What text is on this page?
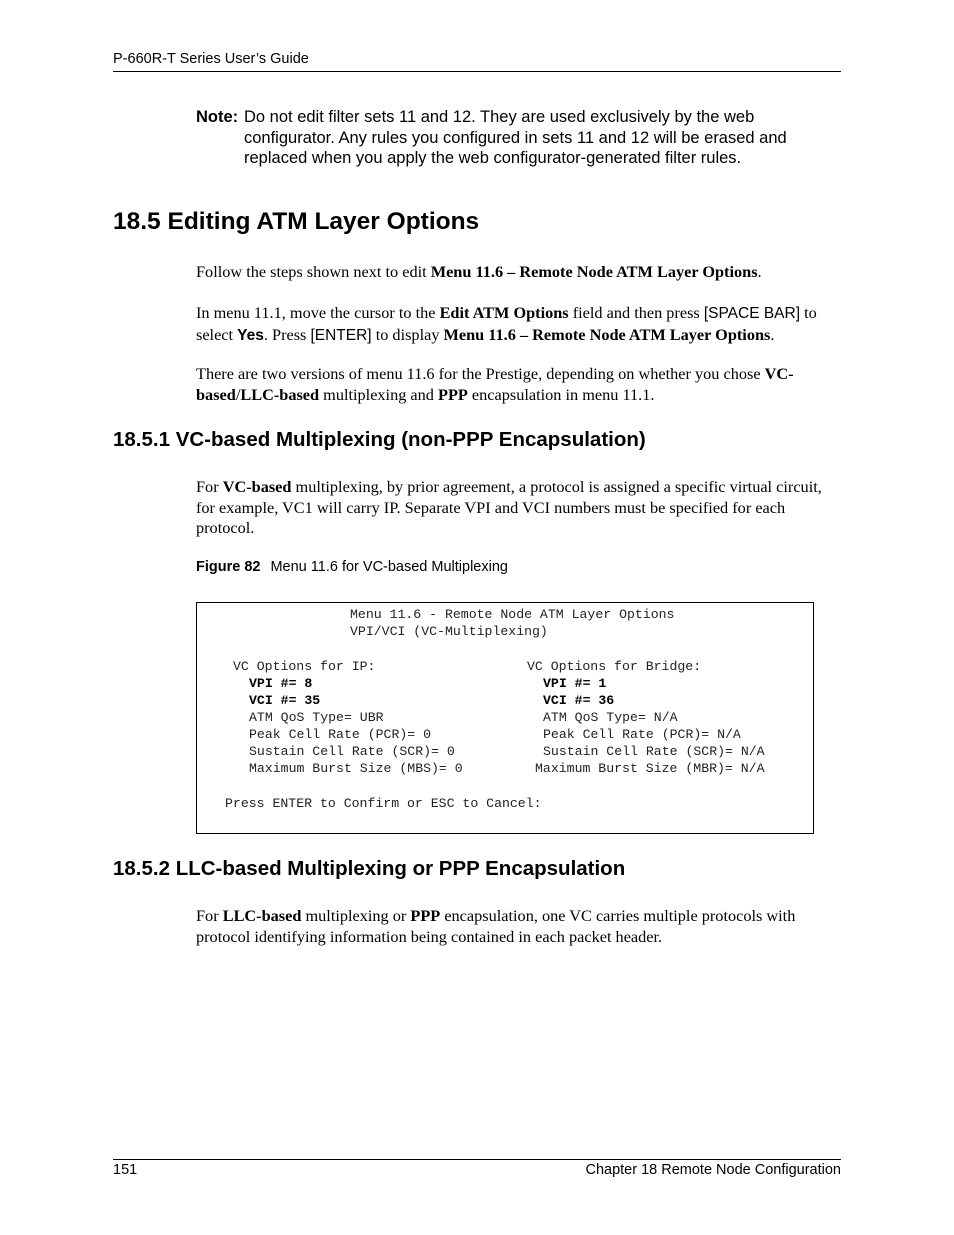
P-660R-T Series User’s Guide
Note: Do not edit filter sets 11 and 12. They are used exclusively by the web
configurator. Any rules you configured in sets 11 and 12 will be erased and replaced when you apply the web configurator-generated filter rules.
18.5 Editing ATM Layer Options
Follow the steps shown next to edit Menu 11.6 – Remote Node ATM Layer Options.
In menu 11.1, move the cursor to the Edit ATM Options field and then press [SPACE BAR] to select Yes. Press [ENTER] to display Menu 11.6 – Remote Node ATM Layer Options.
There are two versions of menu 11.6 for the Prestige, depending on whether you chose VC-based/LLC-based multiplexing and PPP encapsulation in menu 11.1.
18.5.1 VC-based Multiplexing (non-PPP Encapsulation)
For VC-based multiplexing, by prior agreement, a protocol is assigned a specific virtual circuit, for example, VC1 will carry IP. Separate VPI and VCI numbers must be specified for each protocol.
Figure 82 Menu 11.6 for VC-based Multiplexing
Menu 11.6 - Remote Node ATM Layer Options
VPI/VCI (VC-Multiplexing)
VC Options for IP:
VPI #= 8
VCI #= 35
ATM QoS Type= UBR
Peak Cell Rate (PCR)= 0
Sustain Cell Rate (SCR)= 0
Maximum Burst Size (MBS)= 0
VC Options for Bridge:
VPI #= 1
VCI #= 36
ATM QoS Type= N/A
Peak Cell Rate (PCR)= N/A
Sustain Cell Rate (SCR)= N/A
Maximum Burst Size (MBR)= N/A
Press ENTER to Confirm or ESC to Cancel:
18.5.2 LLC-based Multiplexing or PPP Encapsulation
For LLC-based multiplexing or PPP encapsulation, one VC carries multiple protocols with protocol identifying information being contained in each packet header.
151	Chapter 18 Remote Node Configuration
